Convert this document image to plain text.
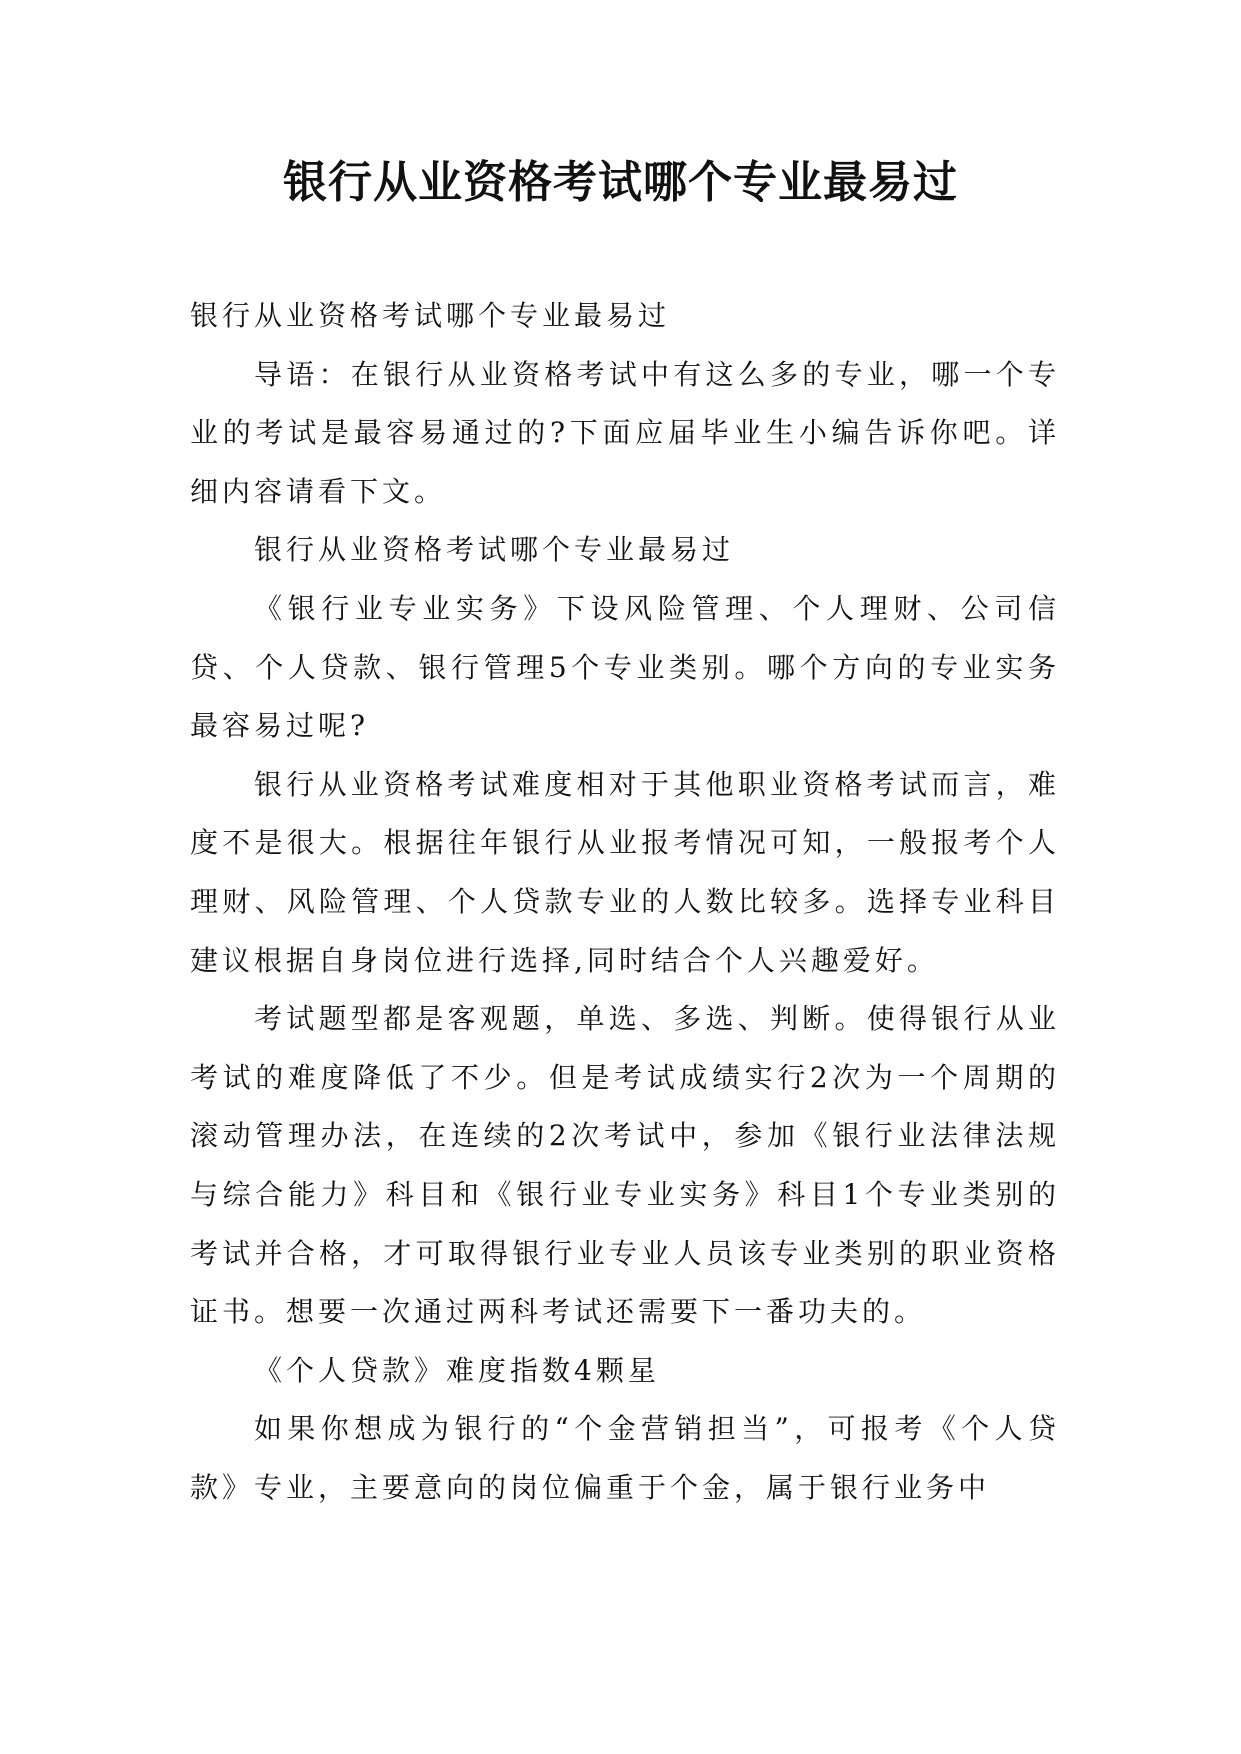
银行从业资格考试哪个专业最易过

银行从业资格考试哪个专业最易过

导语：在银行从业资格考试中有这么多的专业，哪一个专业的考试是最容易通过的?下面应届毕业生小编告诉你吧。详细内容请看下文。

银行从业资格考试哪个专业最易过

《银行业专业实务》下设风险管理、个人理财、公司信贷、个人贷款、银行管理5个专业类别。哪个方向的专业实务最容易过呢?

银行从业资格考试难度相对于其他职业资格考试而言，难度不是很大。根据往年银行从业报考情况可知，一般报考个人理财、风险管理、个人贷款专业的人数比较多。选择专业科目建议根据自身岗位进行选择,同时结合个人兴趣爱好。

考试题型都是客观题，单选、多选、判断。使得银行从业考试的难度降低了不少。但是考试成绩实行2次为一个周期的滚动管理办法，在连续的2次考试中，参加《银行业法律法规与综合能力》科目和《银行业专业实务》科目1个专业类别的考试并合格，才可取得银行业专业人员该专业类别的职业资格证书。想要一次通过两科考试还需要下一番功夫的。

《个人贷款》难度指数4颗星

如果你想成为银行的“个金营销担当”，可报考《个人贷款》专业，主要意向的岗位偏重于个金，属于银行业务中
